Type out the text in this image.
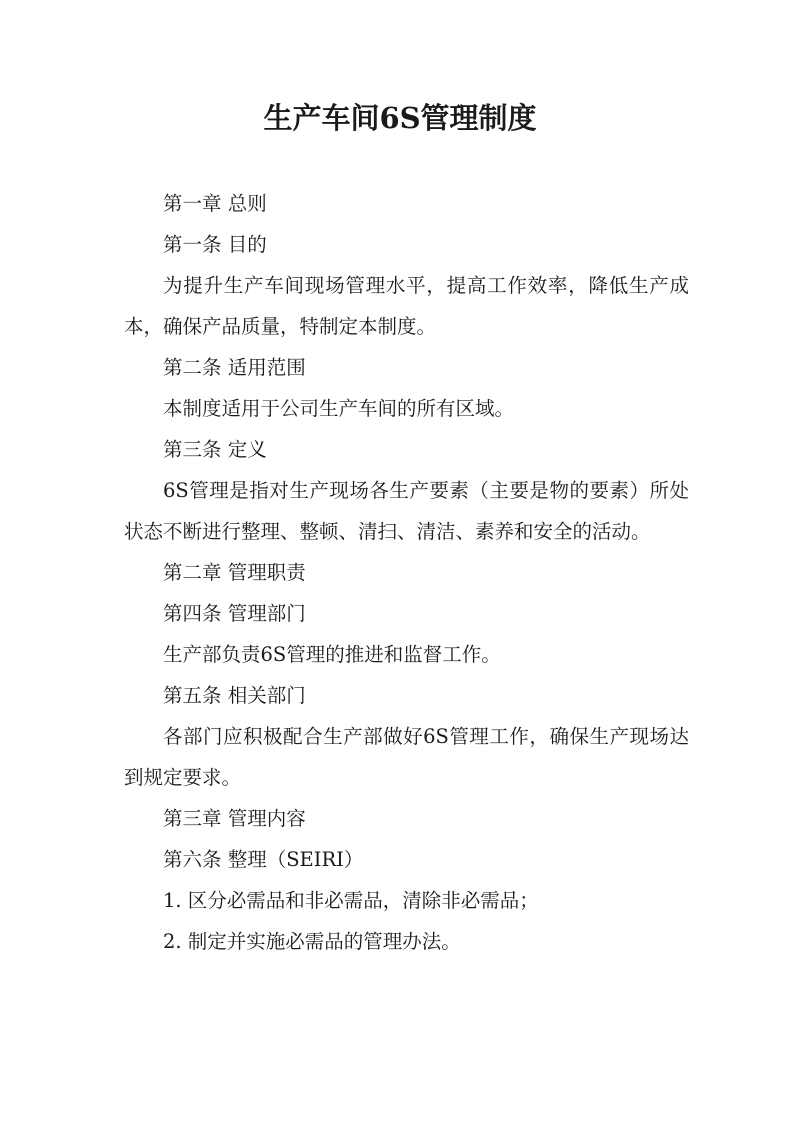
生产车间6S管理制度

第一章 总则

第一条 目的

为提升生产车间现场管理水平，提高工作效率，降低生产成本，确保产品质量，特制定本制度。

第二条 适用范围

本制度适用于公司生产车间的所有区域。

第三条 定义

6S管理是指对生产现场各生产要素（主要是物的要素）所处状态不断进行整理、整顿、清扫、清洁、素养和安全的活动。

第二章 管理职责

第四条 管理部门

生产部负责6S管理的推进和监督工作。

第五条 相关部门

各部门应积极配合生产部做好6S管理工作，确保生产现场达到规定要求。

第三章 管理内容

第六条 整理（SEIRI）

1. 区分必需品和非必需品，清除非必需品；

2. 制定并实施必需品的管理办法。
